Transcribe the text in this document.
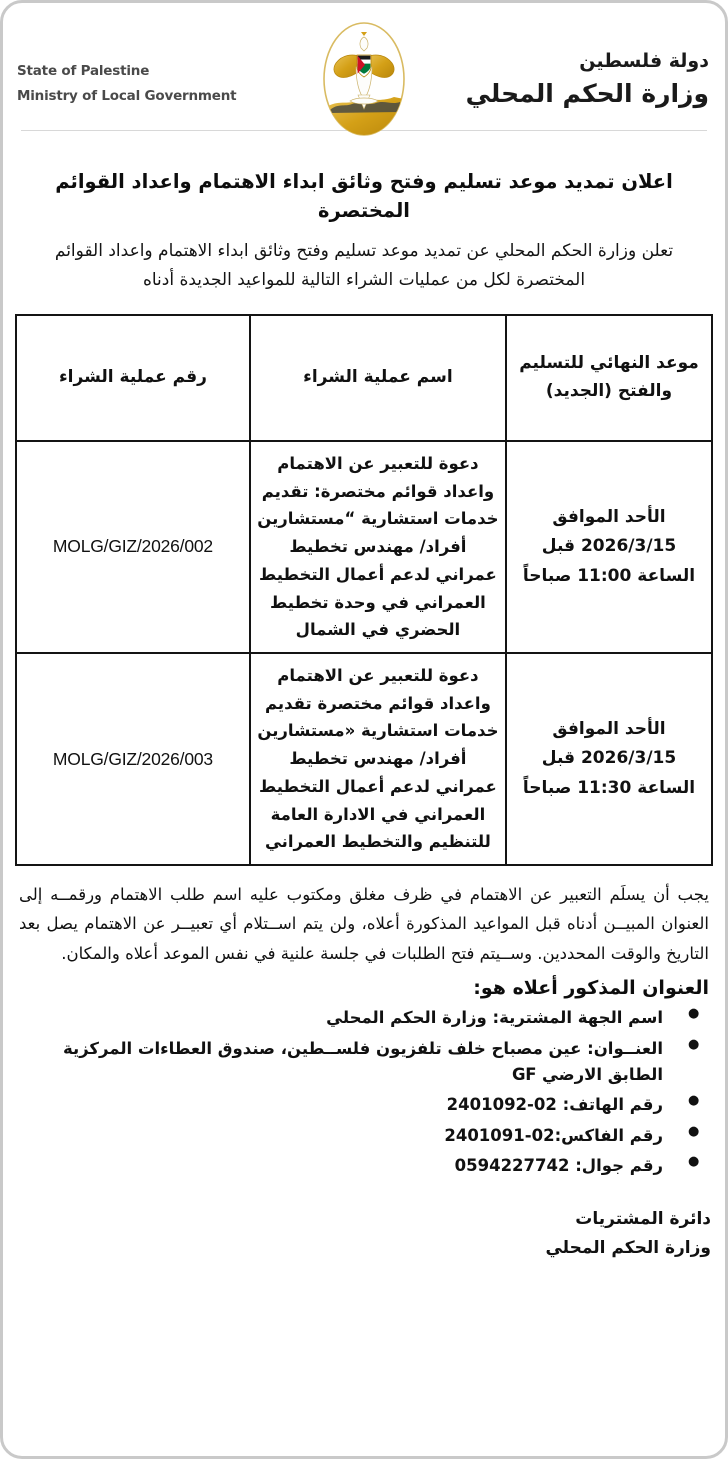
State of Palestine
Ministry of Local Government
دولة فلسطين
وزارة الحكم المحلي
اعلان تمديد موعد تسليم وفتح وثائق ابداء الاهتمام واعداد القوائم المختصرة
تعلن وزارة الحكم المحلي عن تمديد موعد تسليم وفتح وثائق ابداء الاهتمام واعداد القوائم المختصرة لكل من عمليات الشراء التالية للمواعيد الجديدة أدناه
موعد النهائي للتسليم والفتح (الجديد)	اسم عملية الشراء	رقم عملية الشراء
الأحد الموافق 2026/3/15 قبل الساعة 11:00 صباحاً	دعوة للتعبير عن الاهتمام واعداد قوائم مختصرة: تقديم خدمات استشارية “مستشارين أفراد/ مهندس تخطيط عمراني لدعم أعمال التخطيط العمراني في وحدة تخطيط الحضري في الشمال	MOLG/GIZ/2026/002
الأحد الموافق 2026/3/15 قبل الساعة 11:30 صباحاً	دعوة للتعبير عن الاهتمام واعداد قوائم مختصرة تقديم خدمات استشارية «مستشارين أفراد/ مهندس تخطيط عمراني لدعم أعمال التخطيط العمراني في الادارة العامة للتنظيم والتخطيط العمراني	MOLG/GIZ/2026/003
يجب أن يسلَم التعبير عن الاهتمام في ظرف مغلق ومكتوب عليه اسم طلب الاهتمام ورقمــه إلى العنوان المبيــن أدناه قبل المواعيد المذكورة أعلاه، ولن يتم اســتلام أي تعبيــر عن الاهتمام يصل بعد التاريخ والوقت المحددين. وســيتم فتح الطلبات في جلسة علنية في نفس الموعد أعلاه والمكان.
العنوان المذكور أعلاه هو:
● اسم الجهة المشترية: وزارة الحكم المحلي
● العنــوان: عين مصباح خلف تلفزيون فلســطين، صندوق العطاءات المركزية الطابق الارضي GF
● رقم الهاتف: 02-2401092
● رقم الفاكس:02-2401091
● رقم جوال: 0594227742
دائرة المشتريات
وزارة الحكم المحلي
